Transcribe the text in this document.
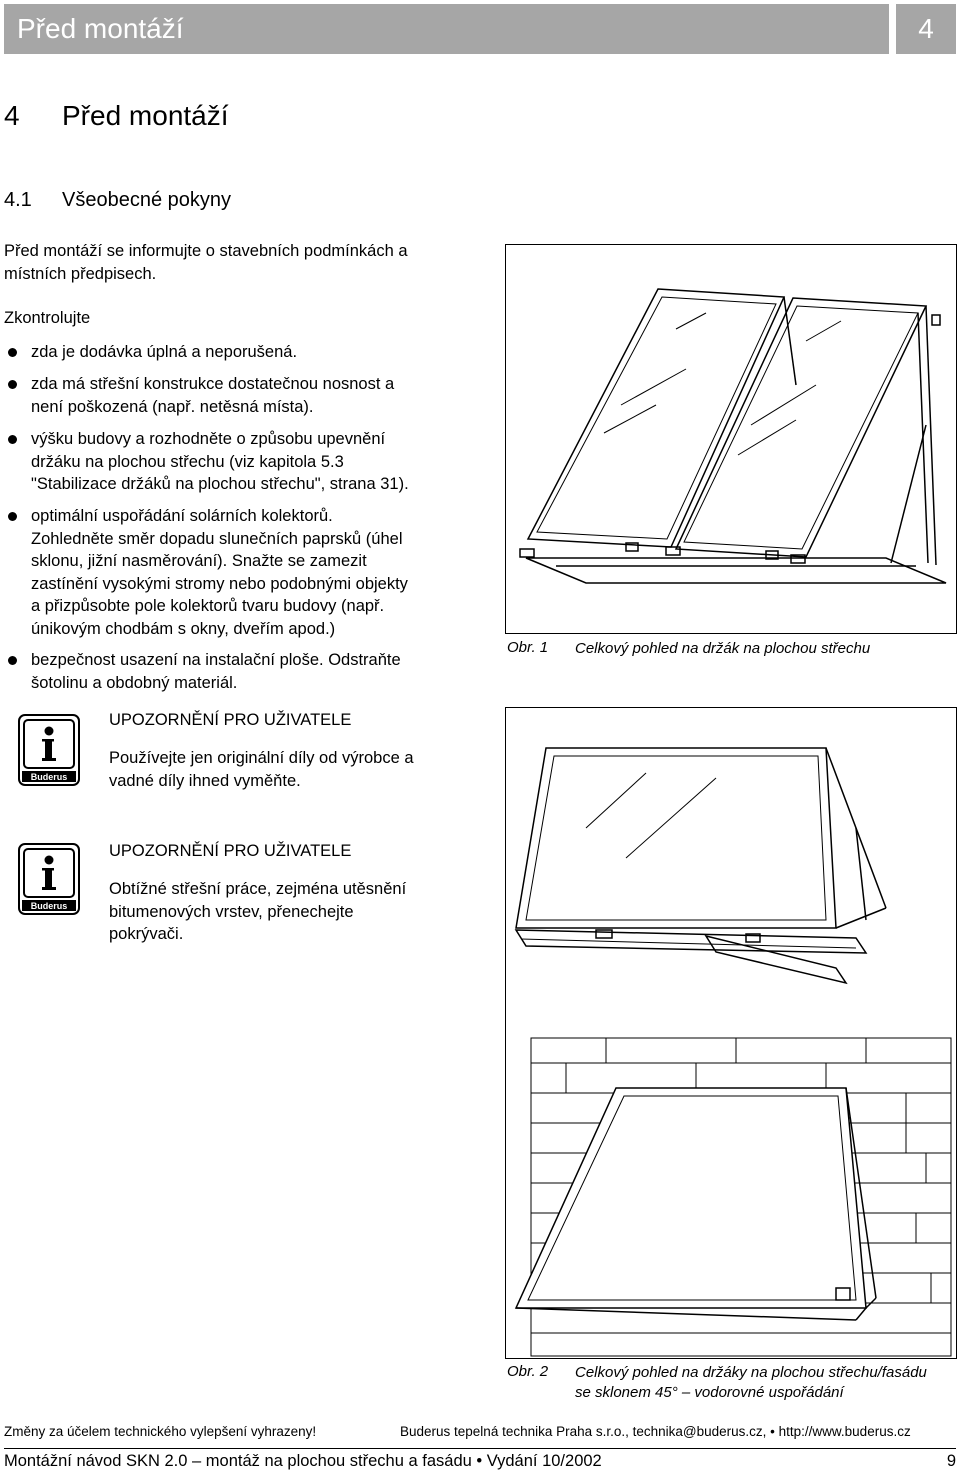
Před montáží	4
4 Před montáží
4.1 Všeobecné pokyny
Před montáží se informujte o stavebních podmínkách a
místních předpisech.
Zkontrolujte
zda je dodávka úplná a neporušená.
zda má střešní konstrukce dostatečnou nosnost a
není poškozená (např. netěsná místa).
výšku budovy a rozhodněte o způsobu upevnění
držáku na plochou střechu (viz kapitola 5.3
"Stabilizace držáků na plochou střechu", strana 31).
optimální uspořádání solárních kolektorů.
Zohledněte směr dopadu slunečních paprsků (úhel
sklonu, jižní nasměrování). Snažte se zamezit
zastínění vysokými stromy nebo podobnými objekty
a přizpůsobte pole kolektorů tvaru budovy (např.
únikovým chodbám s okny, dveřím apod.)
bezpečnost usazení na instalační ploše. Odstraňte
šotolinu a obdobný materiál.
Buderus
UPOZORNĚNÍ PRO UŽIVATELE
Používejte jen originální díly od výrobce a
vadné díly ihned vyměňte.
Buderus
UPOZORNĚNÍ PRO UŽIVATELE
Obtížné střešní práce, zejména utěsnění
bitumenových vrstev, přenechejte
pokrývači.
Obr. 1 Celkový pohled na držák na plochou střechu
Obr. 2 Celkový pohled na držáky na plochou střechu/fasádu
se sklonem 45° – vodorovné uspořádání
Změny za účelem technického vylepšení vyhrazeny!	Buderus tepelná technika Praha s.r.o., technika@buderus.cz, • http://www.buderus.cz
Montážní návod SKN 2.0 – montáž na plochou střechu a fasádu • Vydání 10/2002	9
